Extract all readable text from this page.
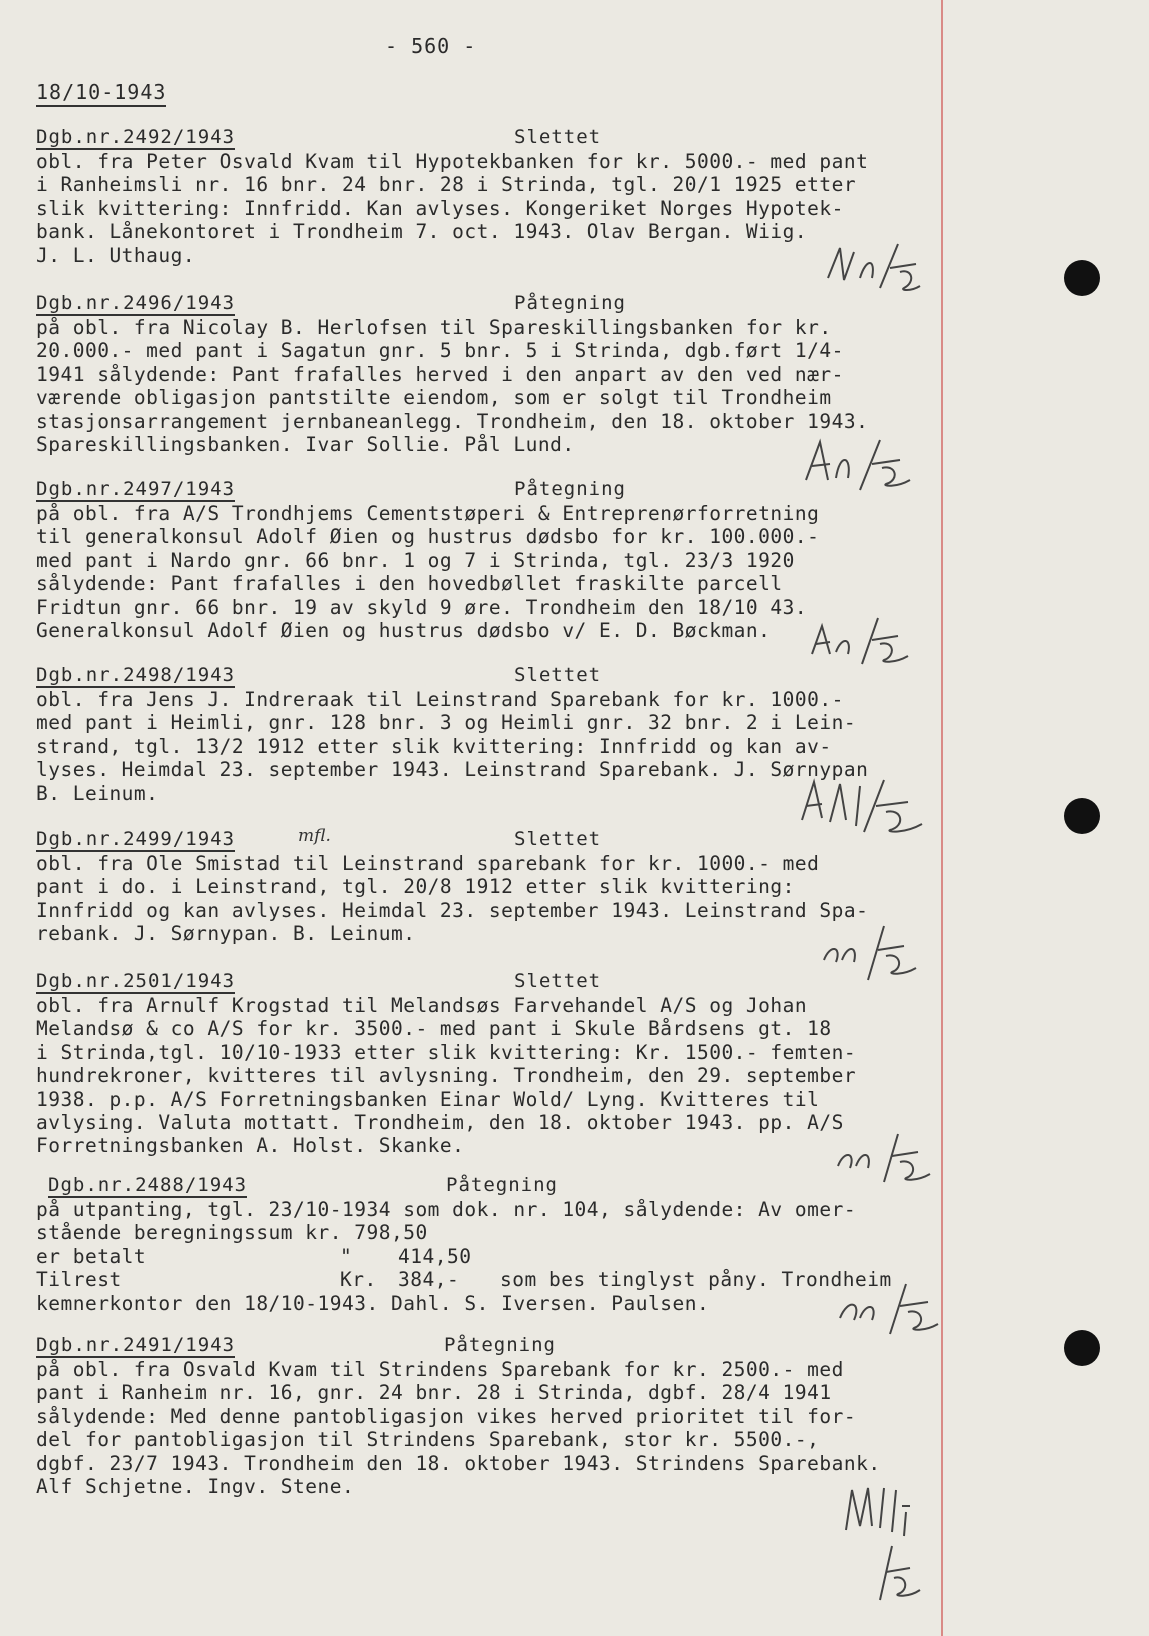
- 560 -
18/10-1943
Dgb.nr.2492/1943	Slettet
obl. fra Peter Osvald Kvam til Hypotekbanken for kr. 5000.- med pant
i Ranheimsli nr. 16 bnr. 24 bnr. 28 i Strinda, tgl. 20/1 1925 etter
slik kvittering: Innfridd. Kan avlyses. Kongeriket Norges Hypotek-
bank. Lånekontoret i Trondheim 7. oct. 1943. Olav Bergan. Wiig.
J. L. Uthaug.
Dgb.nr.2496/1943	Påtegning
på obl. fra Nicolay B. Herlofsen til Spareskillingsbanken for kr.
20.000.- med pant i Sagatun gnr. 5 bnr. 5 i Strinda, dgb.ført 1/4-
1941 sålydende: Pant frafalles herved i den anpart av den ved nær-
værende obligasjon pantstilte eiendom, som er solgt til Trondheim
stasjonsarrangement jernbaneanlegg. Trondheim, den 18. oktober 1943.
Spareskillingsbanken. Ivar Sollie. Pål Lund.
Dgb.nr.2497/1943	Påtegning
på obl. fra A/S Trondhjems Cementstøperi & Entreprenørforretning
til generalkonsul Adolf Øien og hustrus dødsbo for kr. 100.000.-
med pant i Nardo gnr. 66 bnr. 1 og 7 i Strinda, tgl. 23/3 1920
sålydende: Pant frafalles i den hovedbøllet fraskilte parcell
Fridtun gnr. 66 bnr. 19 av skyld 9 øre. Trondheim den 18/10 43.
Generalkonsul Adolf Øien og hustrus dødsbo v/ E. D. Bøckman.
Dgb.nr.2498/1943	Slettet
obl. fra Jens J. Indreraak til Leinstrand Sparebank for kr. 1000.-
med pant i Heimli, gnr. 128 bnr. 3 og Heimli gnr. 32 bnr. 2 i Lein-
strand, tgl. 13/2 1912 etter slik kvittering: Innfridd og kan av-
lyses. Heimdal 23. september 1943. Leinstrand Sparebank. J. Sørnypan
B. Leinum.
Dgb.nr.2499/1943	mfl.	Slettet
obl. fra Ole Smistad til Leinstrand sparebank for kr. 1000.- med
pant i do. i Leinstrand, tgl. 20/8 1912 etter slik kvittering:
Innfridd og kan avlyses. Heimdal 23. september 1943. Leinstrand Spa-
rebank. J. Sørnypan. B. Leinum.
Dgb.nr.2501/1943	Slettet
obl. fra Arnulf Krogstad til Melandsøs Farvehandel A/S og Johan
Melandsø & co A/S for kr. 3500.- med pant i Skule Bårdsens gt. 18
i Strinda,tgl. 10/10-1933 etter slik kvittering: Kr. 1500.- femten-
hundrekroner, kvitteres til avlysning. Trondheim, den 29. september
1938. p.p. A/S Forretningsbanken Einar Wold/ Lyng. Kvitteres til
avlysing. Valuta mottatt. Trondheim, den 18. oktober 1943. pp. A/S
Forretningsbanken A. Holst. Skanke.
Dgb.nr.2488/1943	Påtegning
på utpanting, tgl. 23/10-1934 som dok. nr. 104, sålydende: Av omer-
stående beregningssum kr. 798,50
er betalt	" 414,50
Tilrest	Kr. 384,- som bes tinglyst påny. Trondheim
kemnerkontor den 18/10-1943. Dahl. S. Iversen. Paulsen.
Dgb.nr.2491/1943	Påtegning
på obl. fra Osvald Kvam til Strindens Sparebank for kr. 2500.- med
pant i Ranheim nr. 16, gnr. 24 bnr. 28 i Strinda, dgbf. 28/4 1941
sålydende: Med denne pantobligasjon vikes herved prioritet til for-
del for pantobligasjon til Strindens Sparebank, stor kr. 5500.-,
dgbf. 23/7 1943. Trondheim den 18. oktober 1943. Strindens Sparebank.
Alf Schjetne. Ingv. Stene.
